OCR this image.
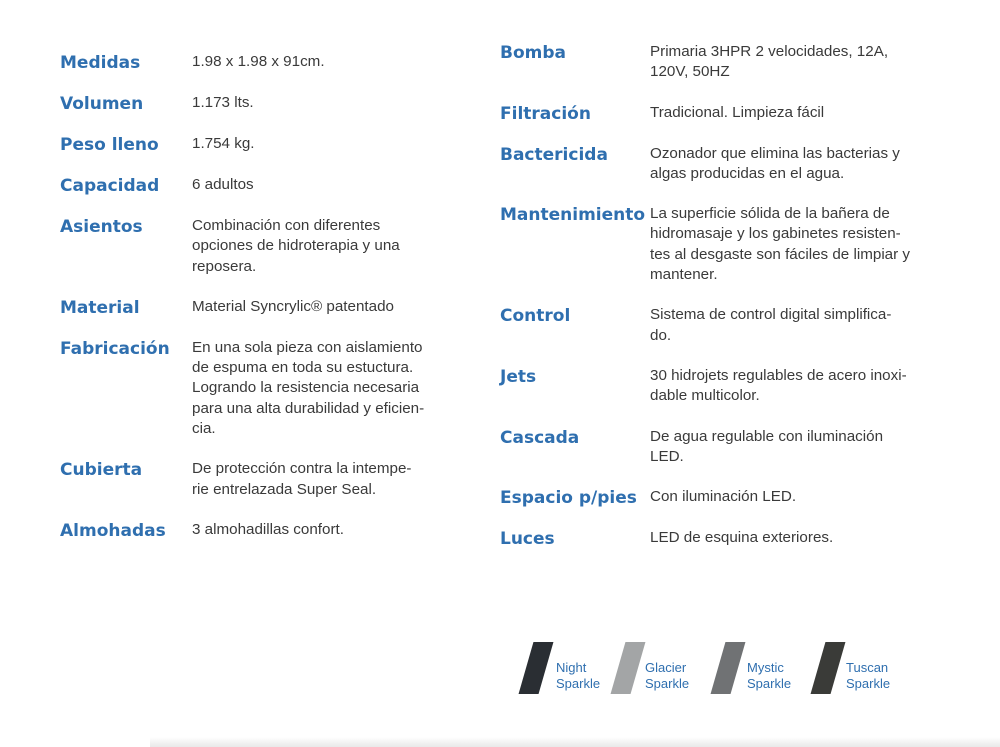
Medidas	1.98 x 1.98 x 91cm.
Volumen	1.173 lts.
Peso lleno	1.754 kg.
Capacidad	6 adultos
Asientos	Combinación con diferentes
opciones de hidroterapia y una
reposera.
Material	Material Syncrylic® patentado
Fabricación	En una sola pieza con aislamiento
de espuma en toda su estuctura.
Logrando la resistencia necesaria
para una alta durabilidad y eficien-
cia.
Cubierta	De protección contra la intempe-
rie entrelazada Super Seal.
Almohadas	3 almohadillas confort.
Bomba	Primaria 3HPR 2 velocidades, 12A,
120V, 50HZ
Filtración	Tradicional. Limpieza fácil
Bactericida	Ozonador que elimina las bacterias y
algas producidas en el agua.
Mantenimiento La superficie sólida de la bañera de
hidromasaje y los gabinetes resisten-
tes al desgaste son fáciles de limpiar y
mantener.
Control	Sistema de control digital simplifica-
do.
Jets	30 hidrojets regulables de acero inoxi-
dable multicolor.
Cascada	De agua regulable con iluminación
LED.
Espacio p/pies Con iluminación LED.
Luces	LED de esquina exteriores.
Night
Sparkle
Glacier
Sparkle
Mystic
Sparkle
Tuscan
Sparkle
